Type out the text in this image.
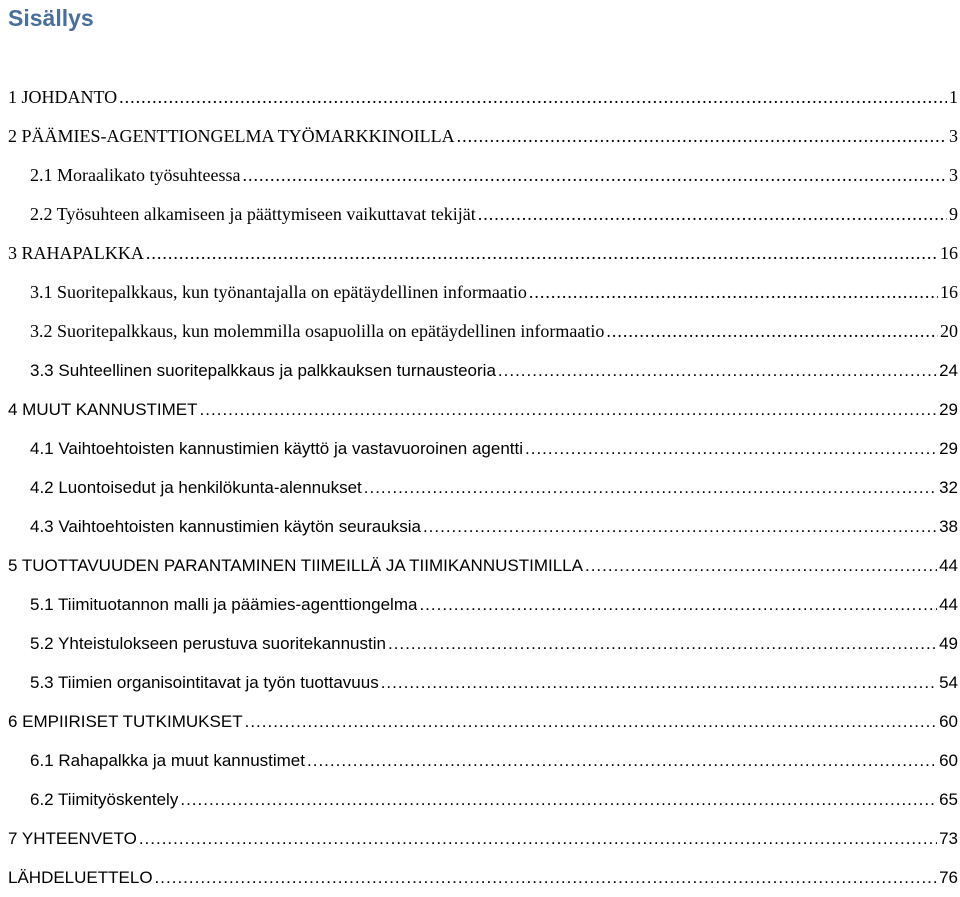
Sisällys
1 JOHDANTO .....	1
2 PÄÄMIES-AGENTTIONGELMA TYÖMARKKINOILLA .....	3
2.1 Moraalikato työsuhteessa .....	3
2.2 Työsuhteen alkamiseen ja päättymiseen vaikuttavat tekijät .....	9
3 RAHAPALKKA .....	16
3.1 Suoritepalkkaus, kun työnantajalla on epätäydellinen informaatio .....	16
3.2 Suoritepalkkaus, kun molemmilla osapuolilla on epätäydellinen informaatio .....	20
3.3 Suhteellinen suoritepalkkaus ja palkkauksen turnausteoria .....	24
4 MUUT KANNUSTIMET .....	29
4.1 Vaihtoehtoisten kannustimien käyttö ja vastavuoroinen agentti .....	29
4.2 Luontoisedut ja henkilökunta-alennukset .....	32
4.3 Vaihtoehtoisten kannustimien käytön seurauksia .....	38
5 TUOTTAVUUDEN PARANTAMINEN TIIMEILLÄ JA TIIMIKANNUSTIMILLA .....	44
5.1 Tiimituotannon malli ja päämies-agenttiongelma .....	44
5.2 Yhteistulokseen perustuva suoritekannustin .....	49
5.3 Tiimien organisointitavat ja työn tuottavuus .....	54
6 EMPIIRISET TUTKIMUKSET .....	60
6.1 Rahapalkka ja muut kannustimet .....	60
6.2 Tiimityöskentely .....	65
7 YHTEENVETO .....	73
LÄHDELUETTELO .....	76
